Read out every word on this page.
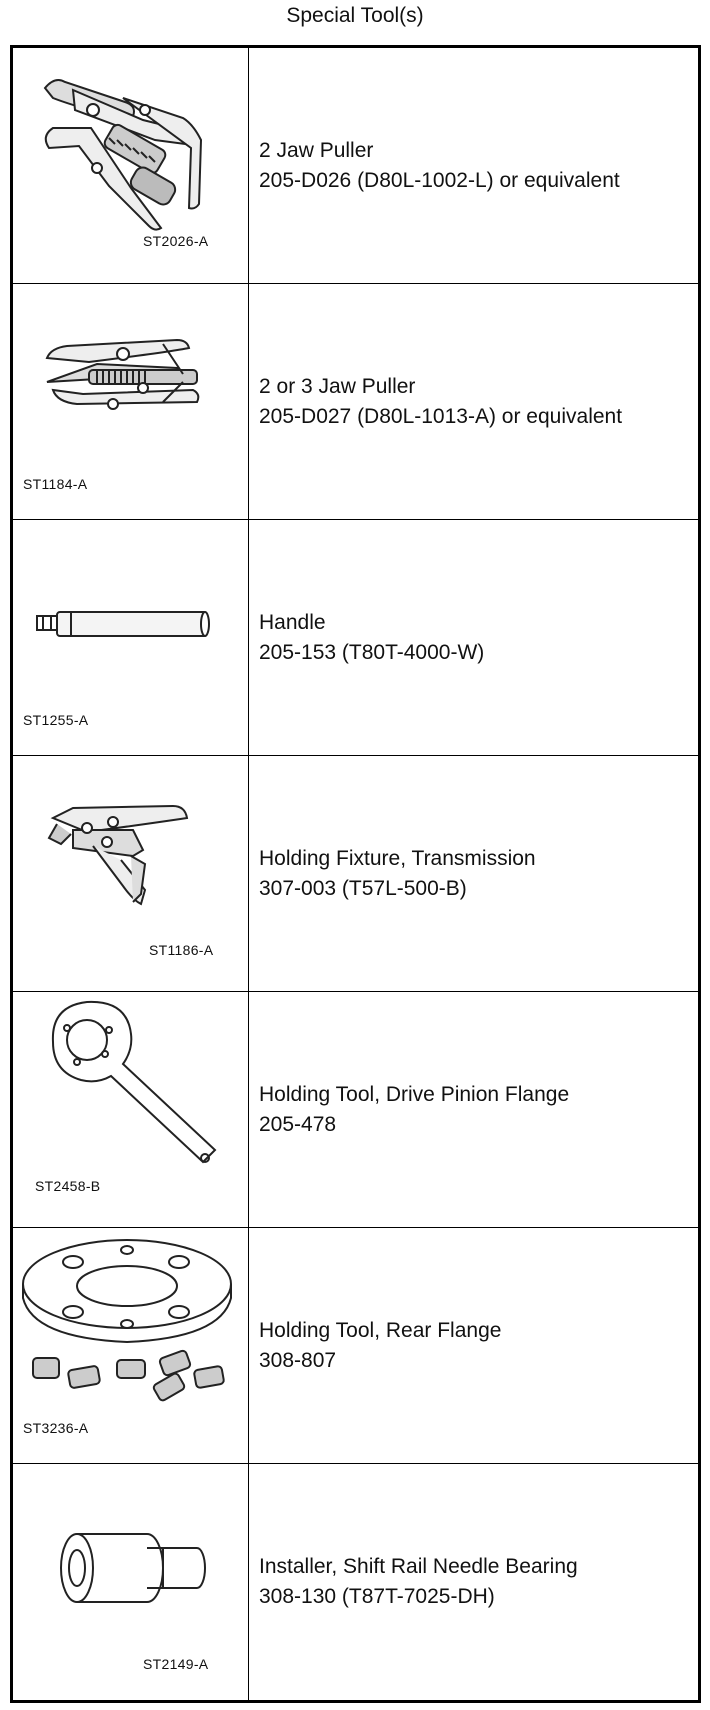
Special Tool(s)
ST2026-A
2 Jaw Puller
205-D026 (D80L-1002-L) or equivalent
ST1184-A
2 or 3 Jaw Puller
205-D027 (D80L-1013-A) or equivalent
ST1255-A
Handle
205-153 (T80T-4000-W)
ST1186-A
Holding Fixture, Transmission
307-003 (T57L-500-B)
ST2458-B
Holding Tool, Drive Pinion Flange
205-478
ST3236-A
Holding Tool, Rear Flange
308-807
ST2149-A
Installer, Shift Rail Needle Bearing
308-130 (T87T-7025-DH)
